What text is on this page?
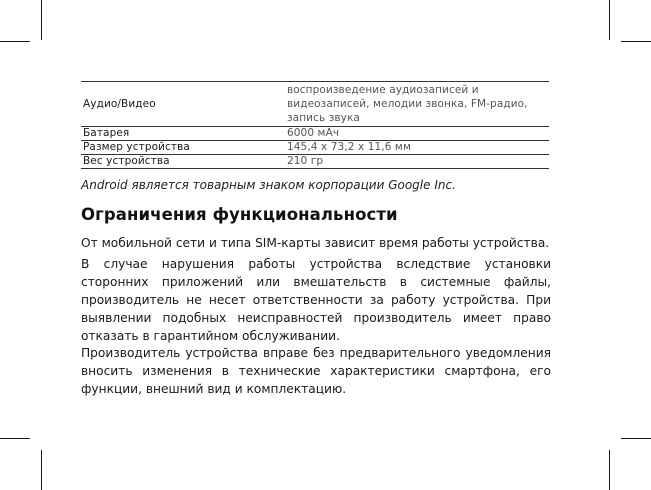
Аудио/Видео	воспроизведение аудиозаписей и видеозаписей, мелодии звонка, FM-радио, запись звука
Батарея	6000 мАч
Размер устройства	145,4 x 73,2 x 11,6 мм
Вес устройства	210 гр
Android является товарным знаком корпорации Google Inc.
Ограничения функциональности
От мобильной сети и типа SIM-карты зависит время работы устройства.
В случае нарушения работы устройства вследствие установки сторонних приложений или вмешательств в системные файлы, производитель не несет ответственности за работу устройства. При выявлении подобных неисправностей производитель имеет право отказать в гарантийном обслуживании.
Производитель устройства вправе без предварительного уведомления вносить изменения в технические характеристики смартфона, его функции, внешний вид и комплектацию.
